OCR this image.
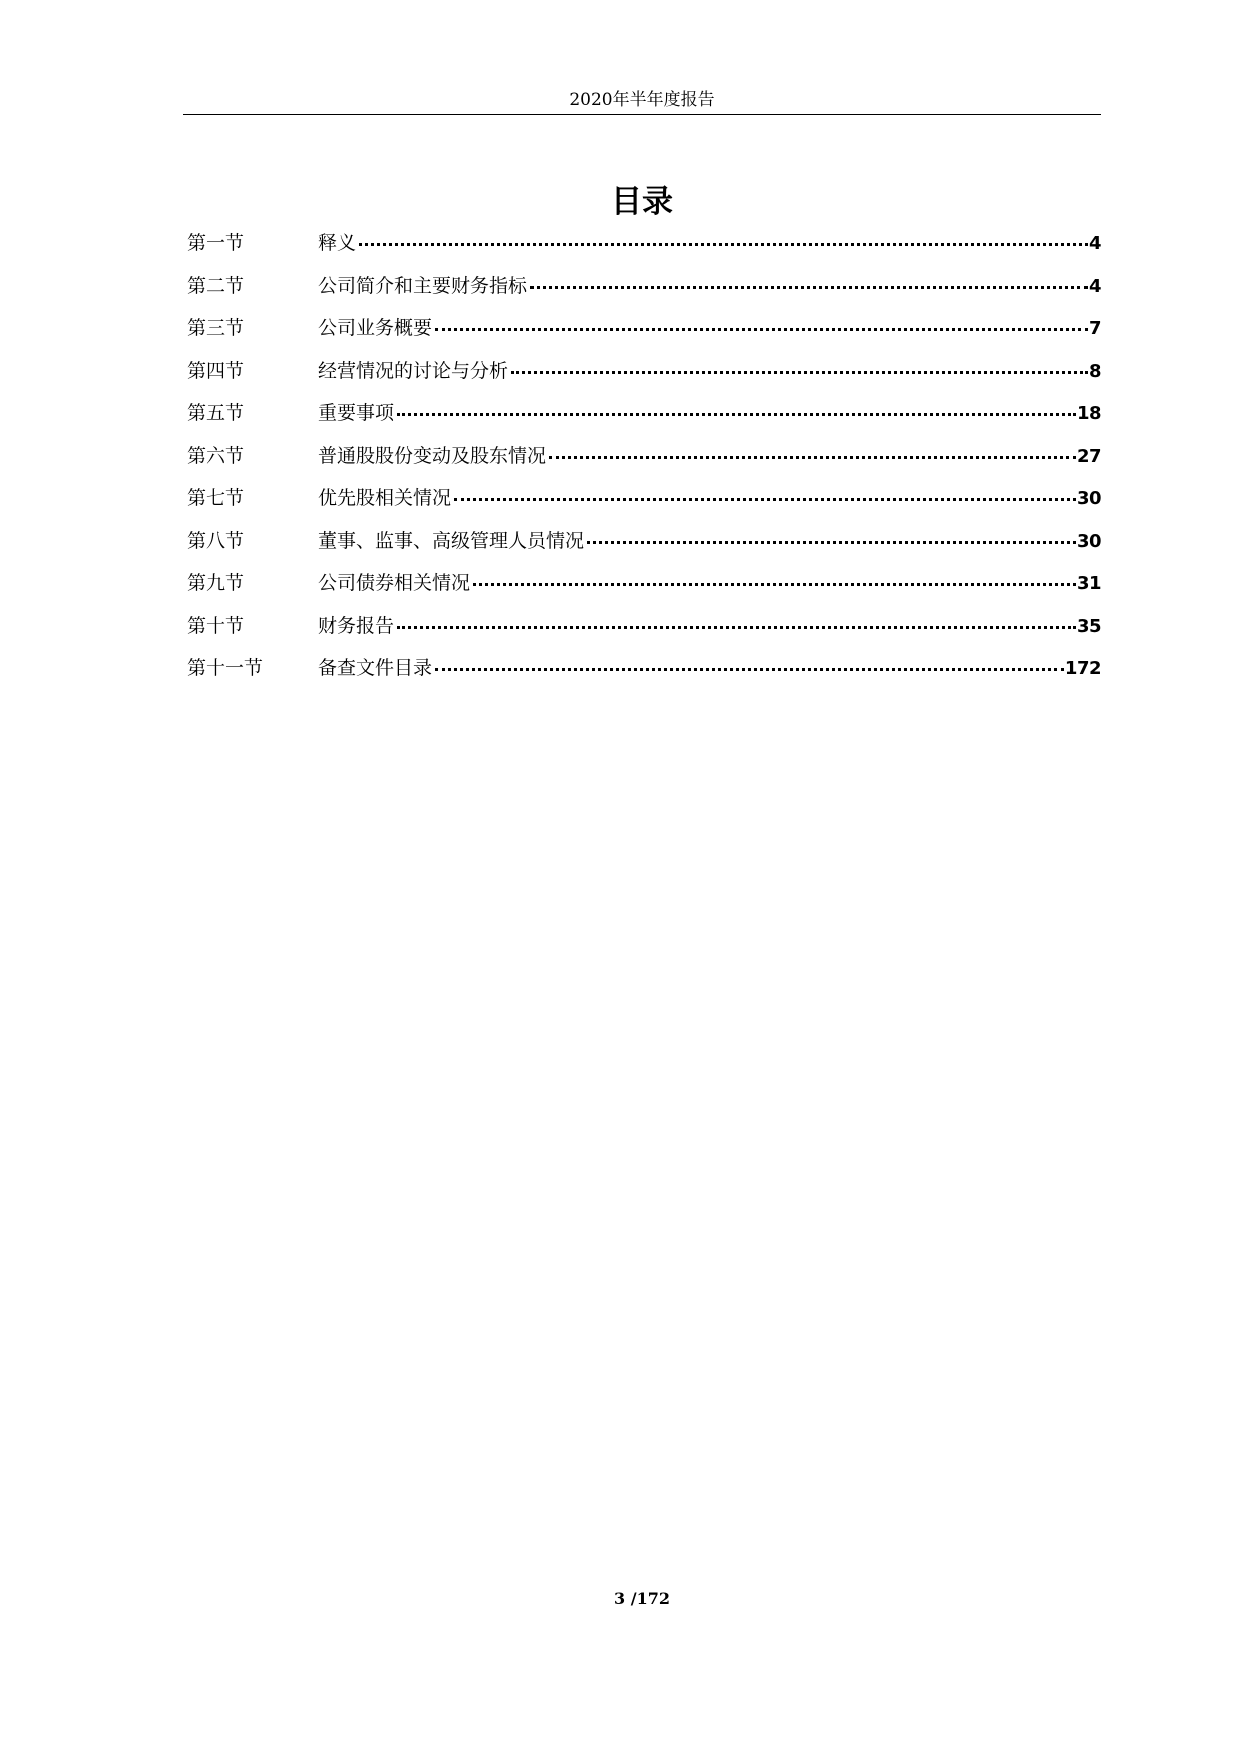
2020年半年度报告
目录
第一节	释义	4
第二节	公司简介和主要财务指标	4
第三节	公司业务概要	7
第四节	经营情况的讨论与分析	8
第五节	重要事项	18
第六节	普通股股份变动及股东情况	27
第七节	优先股相关情况	30
第八节	董事、监事、高级管理人员情况	30
第九节	公司债券相关情况	31
第十节	财务报告	35
第十一节	备查文件目录	172
3 /172
